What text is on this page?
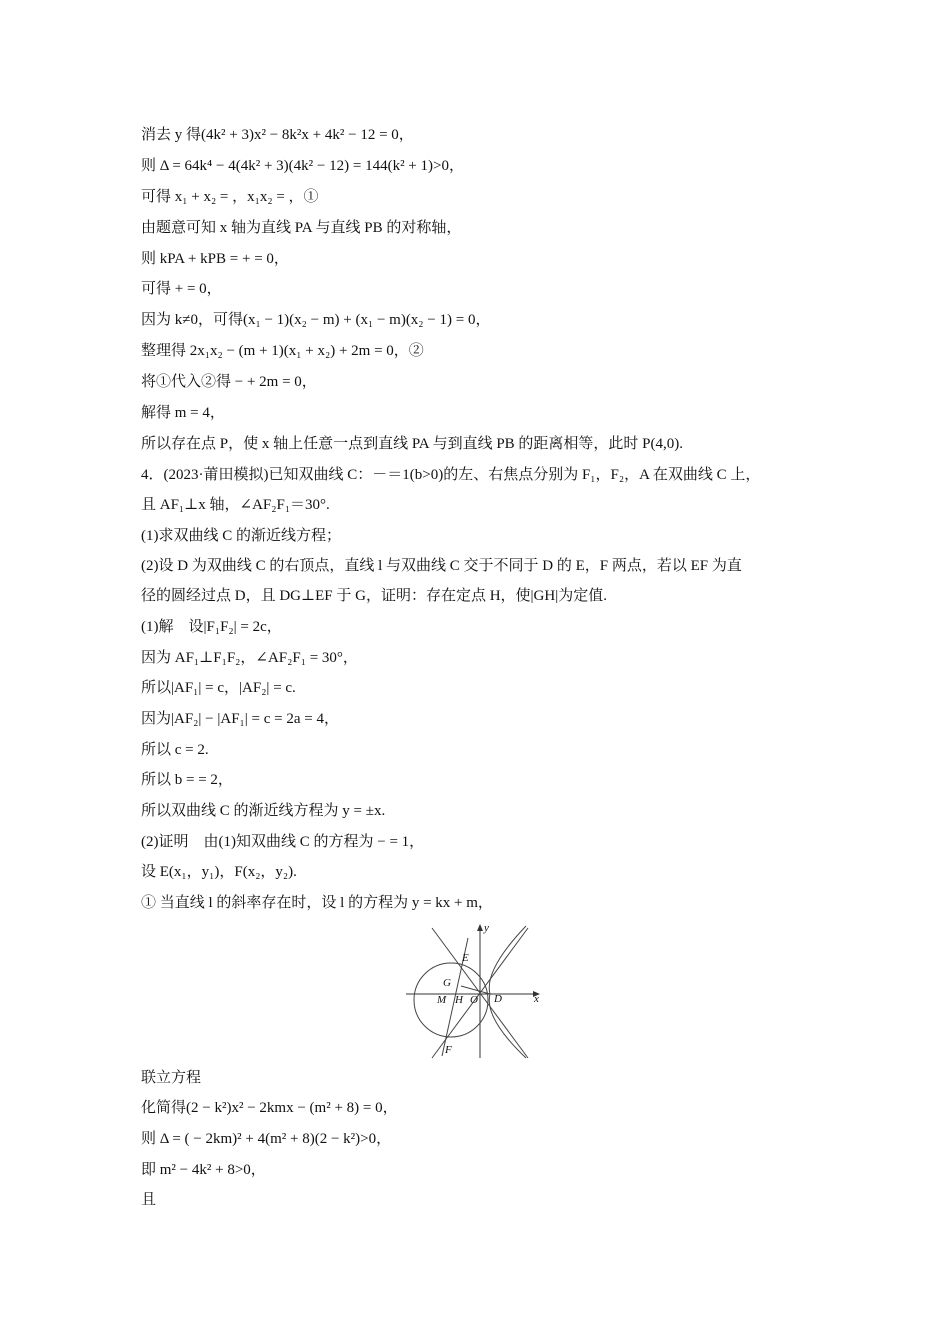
消去 y 得(4k² + 3)x² − 8k²x + 4k² − 12 = 0，
则 Δ = 64k⁴ − 4(4k² + 3)(4k² − 12) = 144(k² + 1)>0，
可得 x₁ + x₂ = ，x₁x₂ = ，①
由题意可知 x 轴为直线 PA 与直线 PB 的对称轴，
则 kPA + kPB = + = 0，
可得 + = 0，
因为 k≠0，可得(x₁ − 1)(x₂ − m) + (x₁ − m)(x₂ − 1) = 0，
整理得 2x₁x₂ − (m + 1)(x₁ + x₂) + 2m = 0，②
将①代入②得 − + 2m = 0，
解得 m = 4，
所以存在点 P，使 x 轴上任意一点到直线 PA 与到直线 PB 的距离相等，此时 P(4,0).
4．(2023·莆田模拟)已知双曲线 C：－＝1(b>0)的左、右焦点分别为 F₁，F₂，A 在双曲线 C 上，
且 AF₁⊥x 轴，∠AF₂F₁＝30°.
(1)求双曲线 C 的渐近线方程；
(2)设 D 为双曲线 C 的右顶点，直线 l 与双曲线 C 交于不同于 D 的 E，F 两点，若以 EF 为直
径的圆经过点 D，且 DG⊥EF 于 G，证明：存在定点 H，使|GH|为定值.
(1)解　设|F₁F₂| = 2c，
因为 AF₁⊥F₁F₂，∠AF₂F₁ = 30°，
所以|AF₁| = c，|AF₂| = c.
因为|AF₂| − |AF₁| = c = 2a = 4，
所以 c = 2.
所以 b = = 2，
所以双曲线 C 的渐近线方程为 y = ±x.
(2)证明　由(1)知双曲线 C 的方程为 − = 1，
设 E(x₁，y₁)，F(x₂，y₂).
① 当直线 l 的斜率存在时，设 l 的方程为 y = kx + m，
y
x
E
G
M H O D
F
联立方程
化简得(2 − k²)x² − 2kmx − (m² + 8) = 0，
则 Δ = ( − 2km)² + 4(m² + 8)(2 − k²)>0，
即 m² − 4k² + 8>0，
且
